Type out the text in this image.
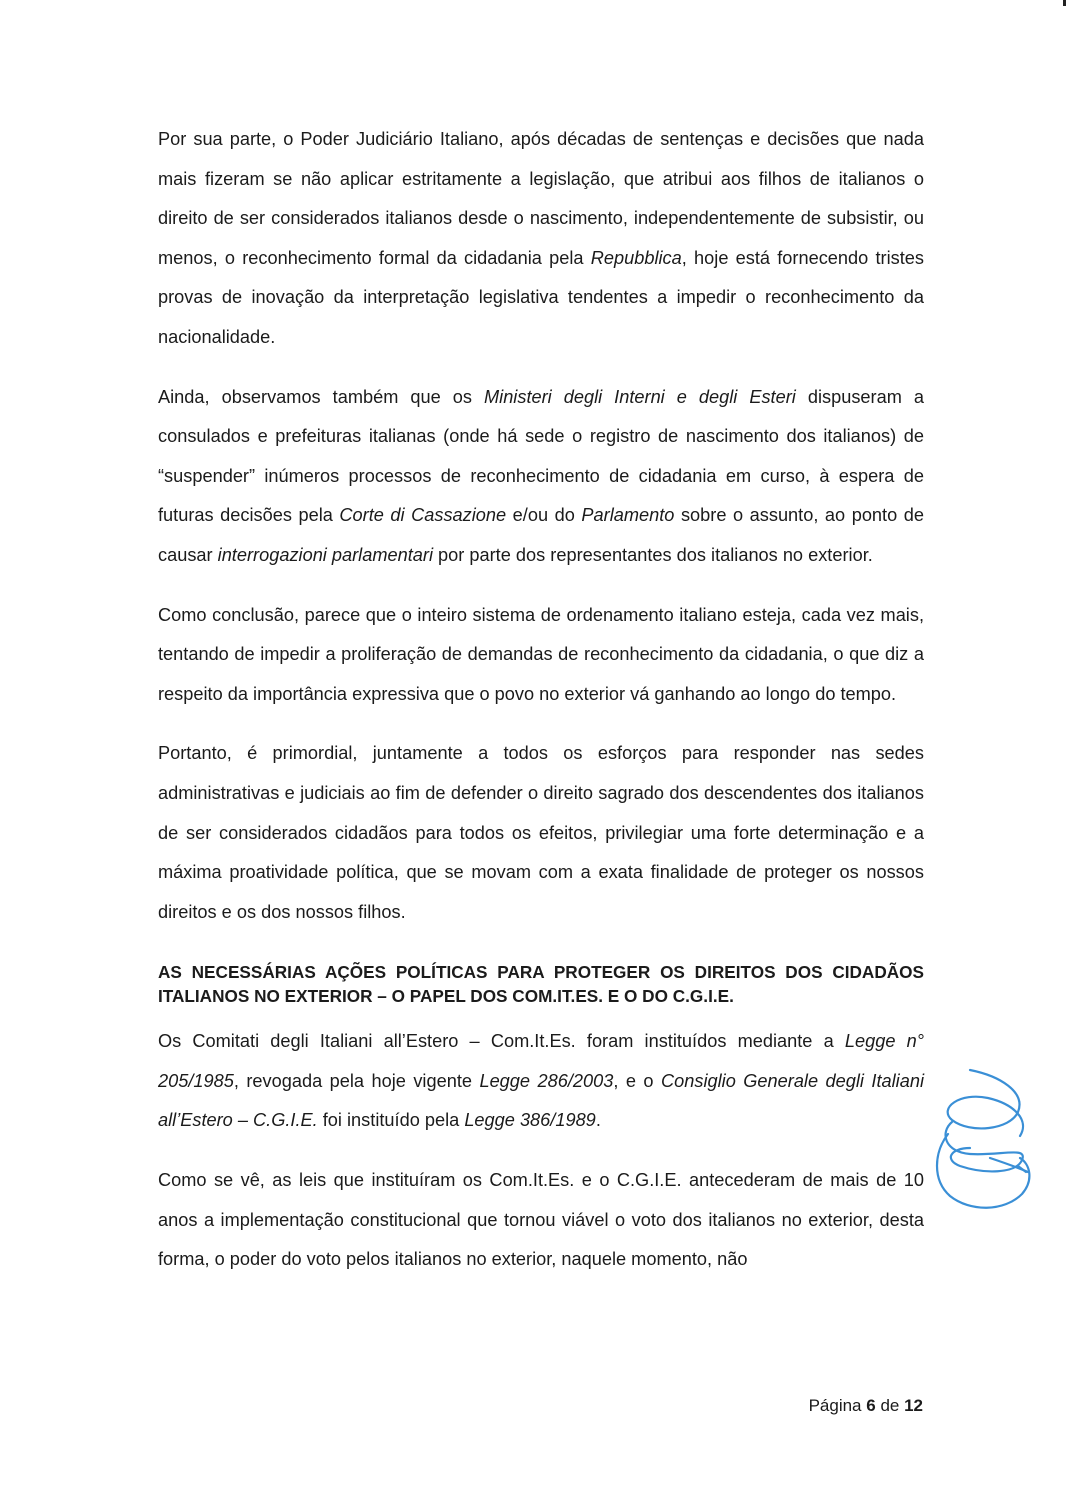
Por sua parte, o Poder Judiciário Italiano, após décadas de sentenças e decisões que nada mais fizeram se não aplicar estritamente a legislação, que atribui aos filhos de italianos o direito de ser considerados italianos desde o nascimento, independentemente de subsistir, ou menos, o reconhecimento formal da cidadania pela Repubblica, hoje está fornecendo tristes provas de inovação da interpretação legislativa tendentes a impedir o reconhecimento da nacionalidade.

Ainda, observamos também que os Ministeri degli Interni e degli Esteri dispuseram a consulados e prefeituras italianas (onde há sede o registro de nascimento dos italianos) de “suspender” inúmeros processos de reconhecimento de cidadania em curso, à espera de futuras decisões pela Corte di Cassazione e/ou do Parlamento sobre o assunto, ao ponto de causar interrogazioni parlamentari por parte dos representantes dos italianos no exterior.

Como conclusão, parece que o inteiro sistema de ordenamento italiano esteja, cada vez mais, tentando de impedir a proliferação de demandas de reconhecimento da cidadania, o que diz a respeito da importância expressiva que o povo no exterior vá ganhando ao longo do tempo.

Portanto, é primordial, juntamente a todos os esforços para responder nas sedes administrativas e judiciais ao fim de defender o direito sagrado dos descendentes dos italianos de ser considerados cidadãos para todos os efeitos, privilegiar uma forte determinação e a máxima proatividade política, que se movam com a exata finalidade de proteger os nossos direitos e os dos nossos filhos.

AS NECESSÁRIAS AÇÕES POLÍTICAS PARA PROTEGER OS DIREITOS DOS CIDADÃOS ITALIANOS NO EXTERIOR – O PAPEL DOS COM.IT.ES. E O DO C.G.I.E.

Os Comitati degli Italiani all’Estero – Com.It.Es. foram instituídos mediante a Legge n° 205/1985, revogada pela hoje vigente Legge 286/2003, e o Consiglio Generale degli Italiani all’Estero – C.G.I.E. foi instituído pela Legge 386/1989.

Como se vê, as leis que instituíram os Com.It.Es. e o C.G.I.E. antecederam de mais de 10 anos a implementação constitucional que tornou viável o voto dos italianos no exterior, desta forma, o poder do voto pelos italianos no exterior, naquele momento, não

Página 6 de 12
